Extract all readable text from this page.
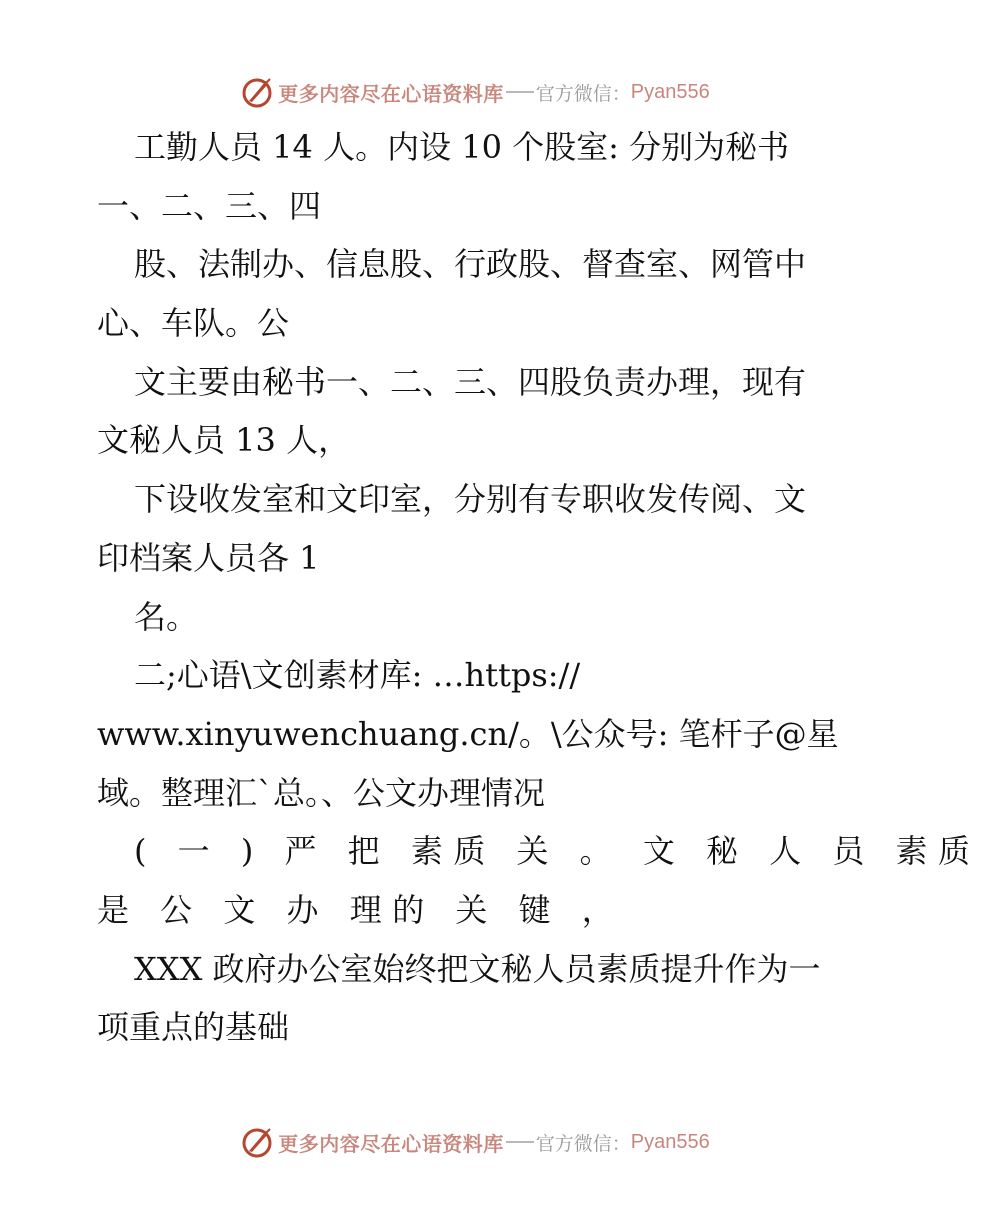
更多内容尽在心语资料库 官方微信： Pyan556
工勤人员 14 人。内设 10 个股室: 分别为秘书
一、二、三、四
股、法制办、信息股、行政股、督查室、网管中
心、车队。公
文主要由秘书一、二、三、四股负责办理，现有
文秘人员 13 人，
下设收发室和文印室，分别有专职收发传阅、文
印档案人员各 1
名。
二;心语\文创素材库: …https://
www.xinyuwenchuang.cn/。\公众号: 笔杆子@星
域。整理汇`总。、公文办理情况
( 一 ) 严 把 素质 关 。 文 秘 人 员 素质
是 公 文 办 理的 关 键 ，
XXX 政府办公室始终把文秘人员素质提升作为一
项重点的基础
更多内容尽在心语资料库 官方微信： Pyan556
